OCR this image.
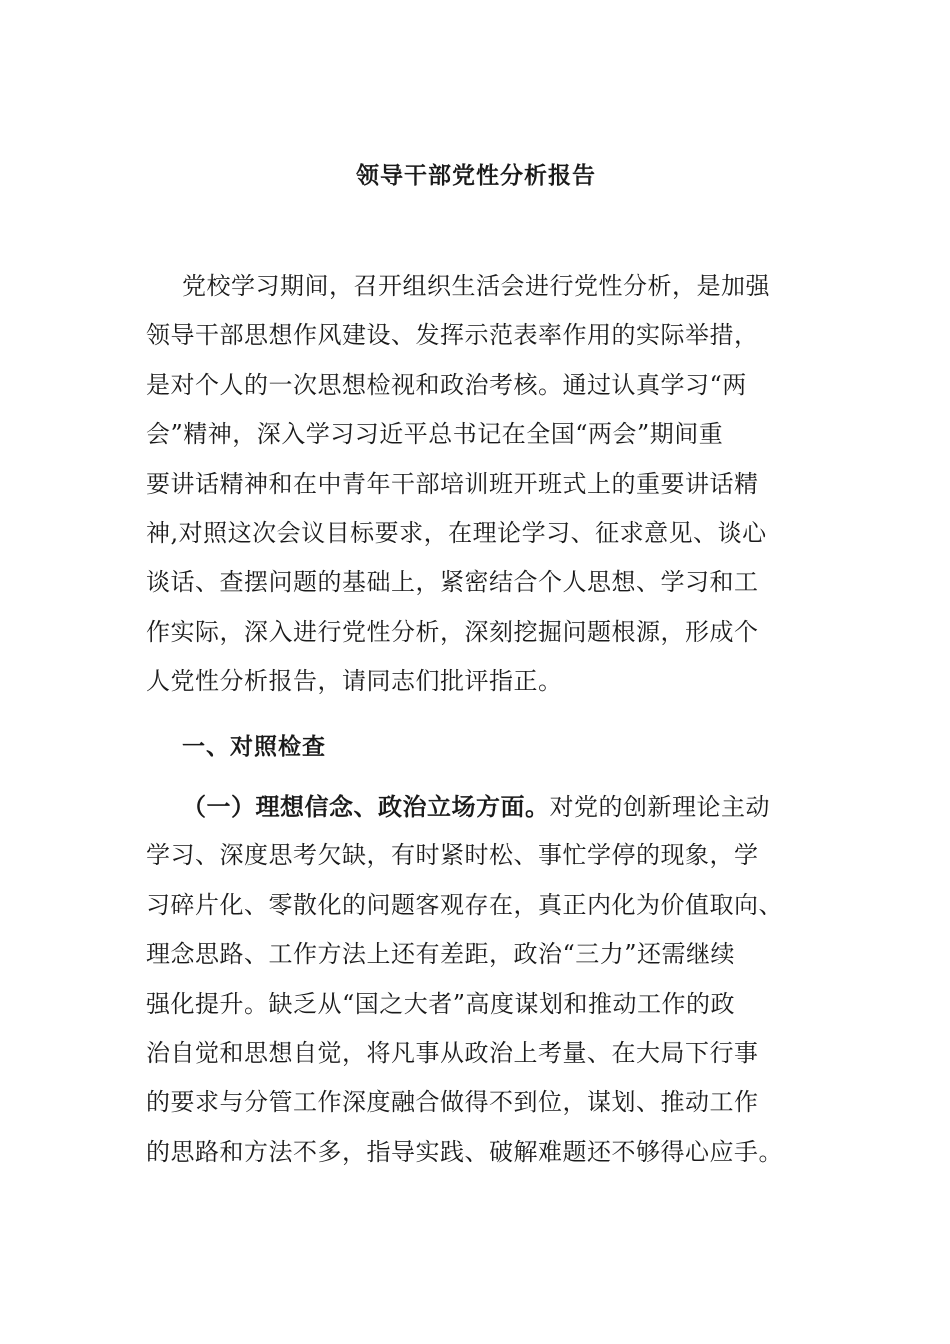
领导干部党性分析报告
党校学习期间，召开组织生活会进行党性分析，是加强
领导干部思想作风建设、发挥示范表率作用的实际举措，
是对个人的一次思想检视和政治考核。通过认真学习“两
会”精神，深入学习习近平总书记在全国“两会”期间重
要讲话精神和在中青年干部培训班开班式上的重要讲话精
神,对照这次会议目标要求，在理论学习、征求意见、谈心
谈话、查摆问题的基础上，紧密结合个人思想、学习和工
作实际，深入进行党性分析，深刻挖掘问题根源，形成个
人党性分析报告，请同志们批评指正。
一、对照检查
（一）理想信念、政治立场方面。对党的创新理论主动
学习、深度思考欠缺，有时紧时松、事忙学停的现象，学
习碎片化、零散化的问题客观存在，真正内化为价值取向、
理念思路、工作方法上还有差距，政治“三力”还需继续
强化提升。缺乏从“国之大者”高度谋划和推动工作的政
治自觉和思想自觉，将凡事从政治上考量、在大局下行事
的要求与分管工作深度融合做得不到位，谋划、推动工作
的思路和方法不多，指导实践、破解难题还不够得心应手。
